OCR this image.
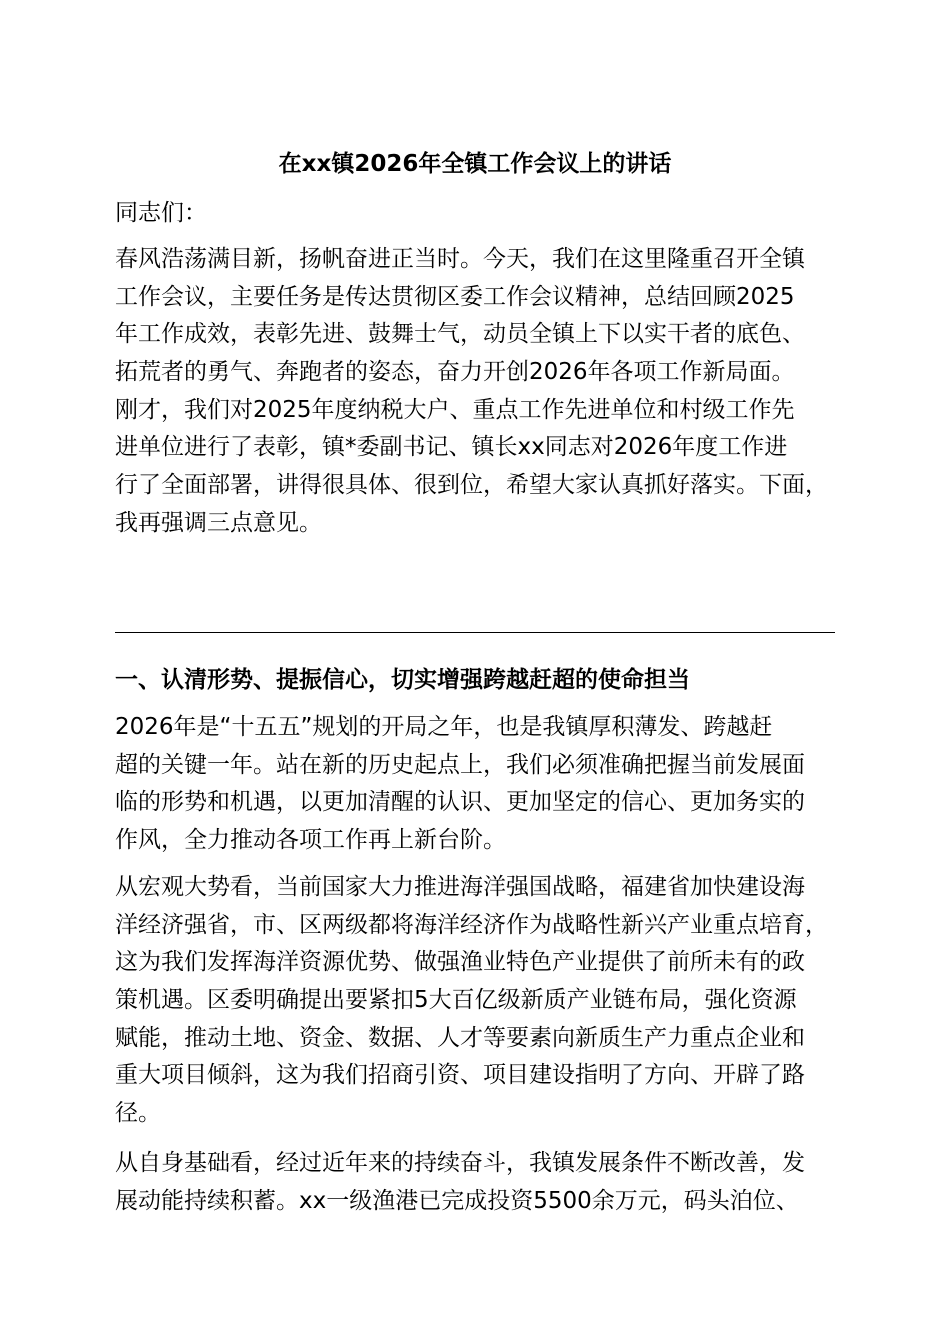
在xx镇2026年全镇工作会议上的讲话
同志们：
春风浩荡满目新，扬帆奋进正当时。今天，我们在这里隆重召开全镇
工作会议，主要任务是传达贯彻区委工作会议精神，总结回顾2025
年工作成效，表彰先进、鼓舞士气，动员全镇上下以实干者的底色、
拓荒者的勇气、奔跑者的姿态，奋力开创2026年各项工作新局面。
刚才，我们对2025年度纳税大户、重点工作先进单位和村级工作先
进单位进行了表彰，镇*委副书记、镇长xx同志对2026年度工作进
行了全面部署，讲得很具体、很到位，希望大家认真抓好落实。下面，
我再强调三点意见。
一、认清形势、提振信心，切实增强跨越赶超的使命担当
2026年是“十五五”规划的开局之年，也是我镇厚积薄发、跨越赶
超的关键一年。站在新的历史起点上，我们必须准确把握当前发展面
临的形势和机遇，以更加清醒的认识、更加坚定的信心、更加务实的
作风，全力推动各项工作再上新台阶。
从宏观大势看，当前国家大力推进海洋强国战略，福建省加快建设海
洋经济强省，市、区两级都将海洋经济作为战略性新兴产业重点培育，
这为我们发挥海洋资源优势、做强渔业特色产业提供了前所未有的政
策机遇。区委明确提出要紧扣5大百亿级新质产业链布局，强化资源
赋能，推动土地、资金、数据、人才等要素向新质生产力重点企业和
重大项目倾斜，这为我们招商引资、项目建设指明了方向、开辟了路
径。
从自身基础看，经过近年来的持续奋斗，我镇发展条件不断改善，发
展动能持续积蓄。xx一级渔港已完成投资5500余万元，码头泊位、
